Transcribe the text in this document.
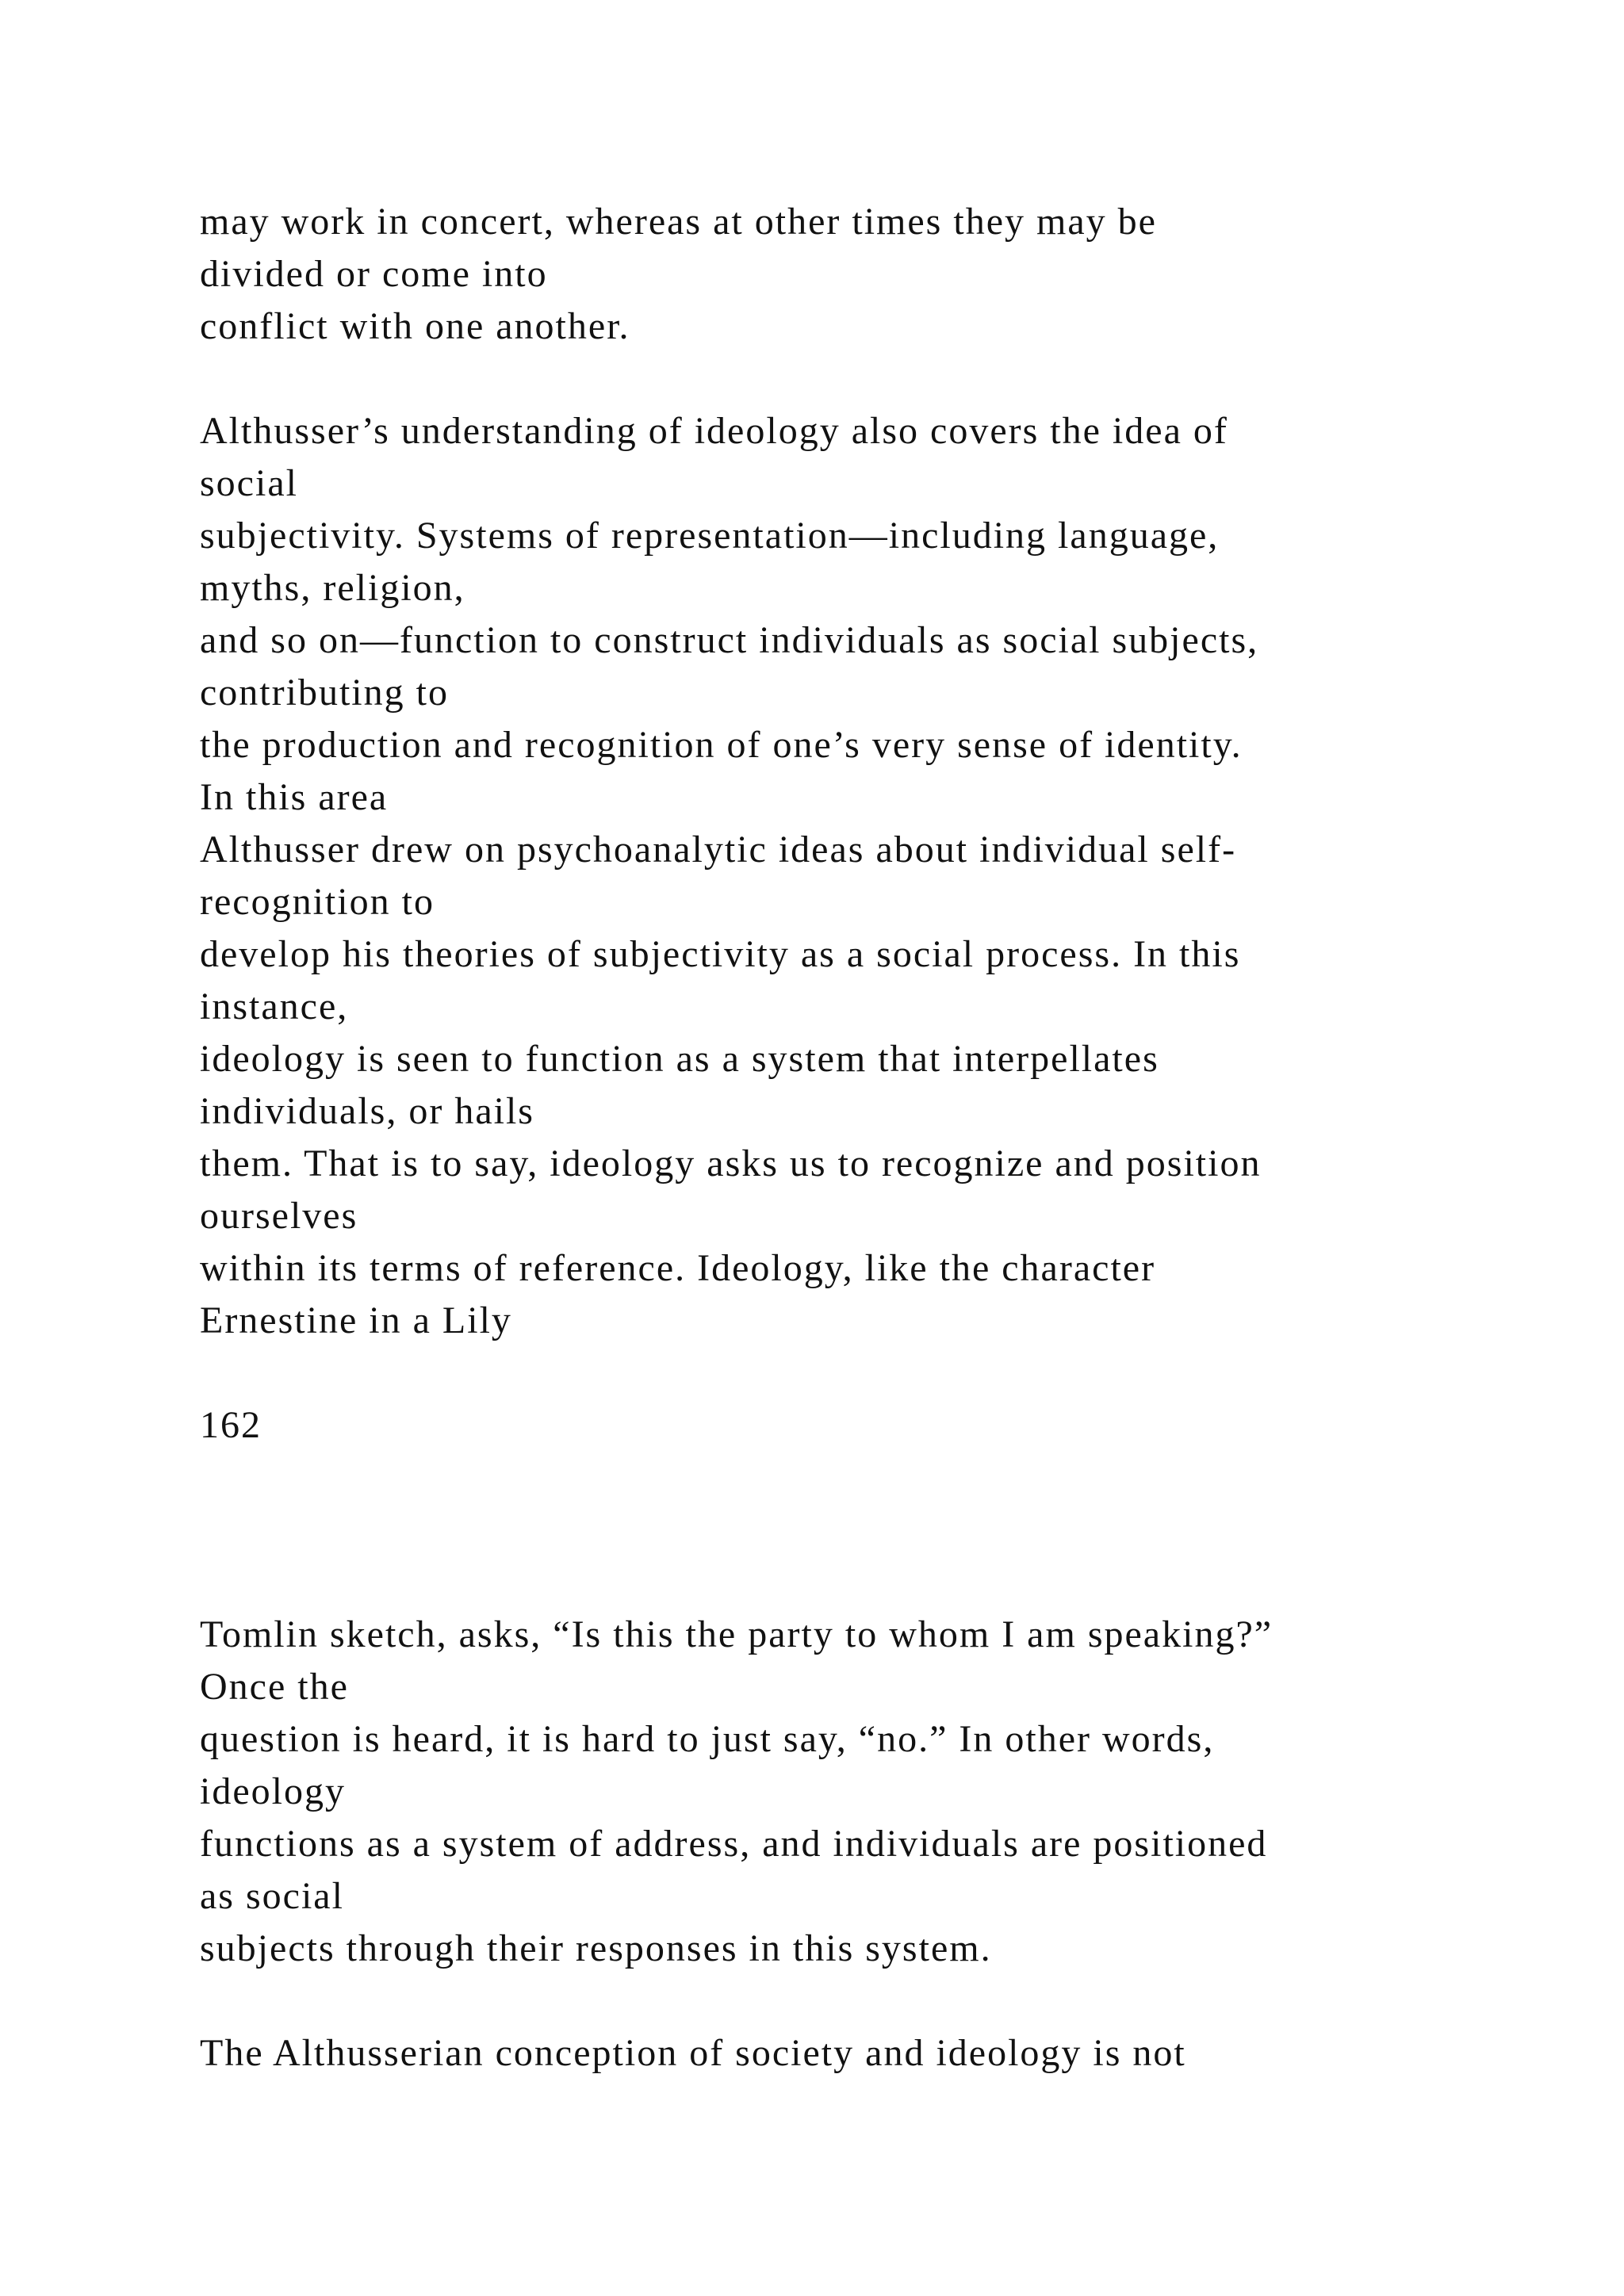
may work in concert, whereas at other times they may be

divided or come into

conflict with one another.

Althusser’s understanding of ideology also covers the idea of

social

subjectivity. Systems of representation—including language,

myths, religion,

and so on—function to construct individuals as social subjects,

contributing to

the production and recognition of one’s very sense of identity.

In this area

Althusser drew on psychoanalytic ideas about individual self-

recognition to

develop his theories of subjectivity as a social process. In this

instance,

ideology is seen to function as a system that interpellates

individuals, or hails

them. That is to say, ideology asks us to recognize and position

ourselves

within its terms of reference. Ideology, like the character

Ernestine in a Lily

162

Tomlin sketch, asks, “Is this the party to whom I am speaking?”

Once the

question is heard, it is hard to just say, “no.” In other words,

ideology

functions as a system of address, and individuals are positioned

as social

subjects through their responses in this system.

The Althusserian conception of society and ideology is not
